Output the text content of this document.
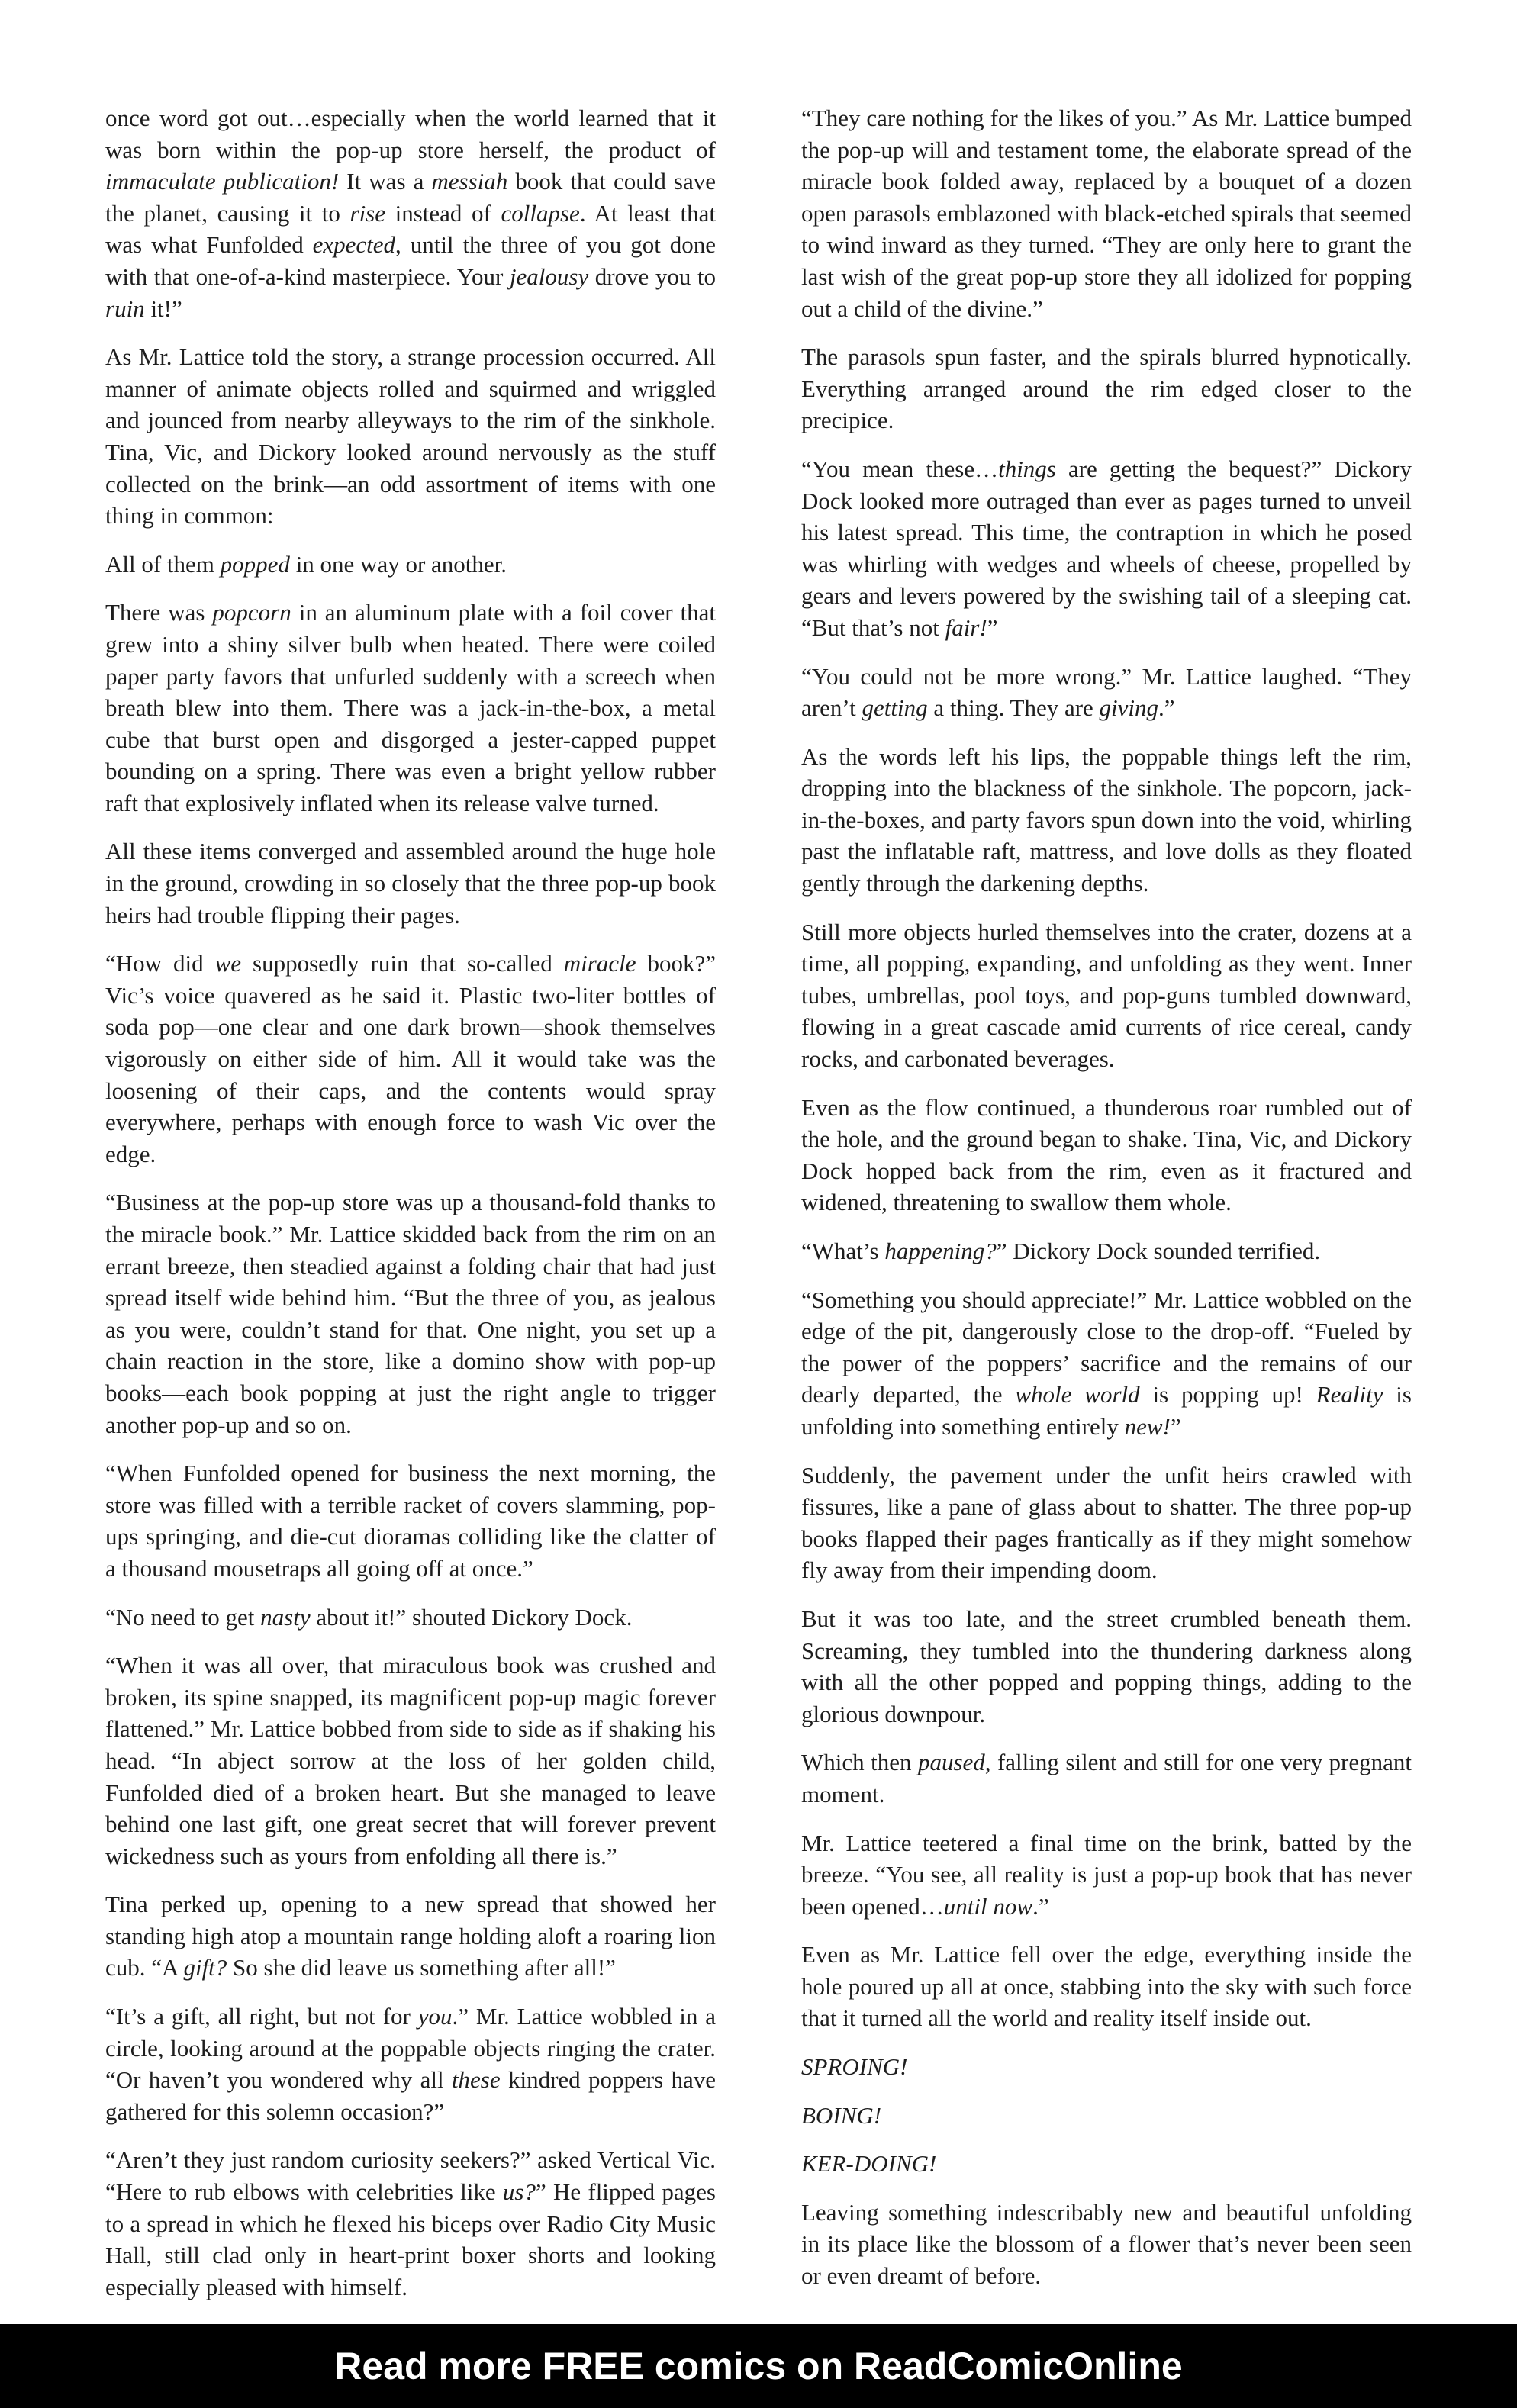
once word got out…especially when the world learned that it was born within the pop-up store herself, the product of immaculate publication! It was a messiah book that could save the planet, causing it to rise instead of collapse. At least that was what Funfolded expected, until the three of you got done with that one-of-a-kind masterpiece. Your jealousy drove you to ruin it!”

As Mr. Lattice told the story, a strange procession occurred. All manner of animate objects rolled and squirmed and wriggled and jounced from nearby alleyways to the rim of the sinkhole. Tina, Vic, and Dickory looked around nervously as the stuff collected on the brink—an odd assortment of items with one thing in common:

All of them popped in one way or another.

There was popcorn in an aluminum plate with a foil cover that grew into a shiny silver bulb when heated. There were coiled paper party favors that unfurled suddenly with a screech when breath blew into them. There was a jack-in-the-box, a metal cube that burst open and disgorged a jester-capped puppet bounding on a spring. There was even a bright yellow rubber raft that explosively inflated when its release valve turned.

All these items converged and assembled around the huge hole in the ground, crowding in so closely that the three pop-up book heirs had trouble flipping their pages.

“How did we supposedly ruin that so-called miracle book?” Vic’s voice quavered as he said it. Plastic two-liter bottles of soda pop—one clear and one dark brown—shook themselves vigorously on either side of him. All it would take was the loosening of their caps, and the contents would spray everywhere, perhaps with enough force to wash Vic over the edge.

“Business at the pop-up store was up a thousand-fold thanks to the miracle book.” Mr. Lattice skidded back from the rim on an errant breeze, then steadied against a folding chair that had just spread itself wide behind him. “But the three of you, as jealous as you were, couldn’t stand for that. One night, you set up a chain reaction in the store, like a domino show with pop-up books—each book popping at just the right angle to trigger another pop-up and so on.

“When Funfolded opened for business the next morning, the store was filled with a terrible racket of covers slamming, pop-ups springing, and die-cut dioramas colliding like the clatter of a thousand mousetraps all going off at once.”

“No need to get nasty about it!” shouted Dickory Dock.

“When it was all over, that miraculous book was crushed and broken, its spine snapped, its magnificent pop-up magic forever flattened.” Mr. Lattice bobbed from side to side as if shaking his head. “In abject sorrow at the loss of her golden child, Funfolded died of a broken heart. But she managed to leave behind one last gift, one great secret that will forever prevent wickedness such as yours from enfolding all there is.”

Tina perked up, opening to a new spread that showed her standing high atop a mountain range holding aloft a roaring lion cub. “A gift? So she did leave us something after all!”

“It’s a gift, all right, but not for you.” Mr. Lattice wobbled in a circle, looking around at the poppable objects ringing the crater. “Or haven’t you wondered why all these kindred poppers have gathered for this solemn occasion?”

“Aren’t they just random curiosity seekers?” asked Vertical Vic. “Here to rub elbows with celebrities like us?” He flipped pages to a spread in which he flexed his biceps over Radio City Music Hall, still clad only in heart-print boxer shorts and looking especially pleased with himself.

“They care nothing for the likes of you.” As Mr. Lattice bumped the pop-up will and testament tome, the elaborate spread of the miracle book folded away, replaced by a bouquet of a dozen open parasols emblazoned with black-etched spirals that seemed to wind inward as they turned. “They are only here to grant the last wish of the great pop-up store they all idolized for popping out a child of the divine.”

The parasols spun faster, and the spirals blurred hypnotically. Everything arranged around the rim edged closer to the precipice.

“You mean these…things are getting the bequest?” Dickory Dock looked more outraged than ever as pages turned to unveil his latest spread. This time, the contraption in which he posed was whirling with wedges and wheels of cheese, propelled by gears and levers powered by the swishing tail of a sleeping cat. “But that’s not fair!”

“You could not be more wrong.” Mr. Lattice laughed. “They aren’t getting a thing. They are giving.”

As the words left his lips, the poppable things left the rim, dropping into the blackness of the sinkhole. The popcorn, jack-in-the-boxes, and party favors spun down into the void, whirling past the inflatable raft, mattress, and love dolls as they floated gently through the darkening depths.

Still more objects hurled themselves into the crater, dozens at a time, all popping, expanding, and unfolding as they went. Inner tubes, umbrellas, pool toys, and pop-guns tumbled downward, flowing in a great cascade amid currents of rice cereal, candy rocks, and carbonated beverages.

Even as the flow continued, a thunderous roar rumbled out of the hole, and the ground began to shake. Tina, Vic, and Dickory Dock hopped back from the rim, even as it fractured and widened, threatening to swallow them whole.

“What’s happening?” Dickory Dock sounded terrified.

“Something you should appreciate!” Mr. Lattice wobbled on the edge of the pit, dangerously close to the drop-off. “Fueled by the power of the poppers’ sacrifice and the remains of our dearly departed, the whole world is popping up! Reality is unfolding into something entirely new!”

Suddenly, the pavement under the unfit heirs crawled with fissures, like a pane of glass about to shatter. The three pop-up books flapped their pages frantically as if they might somehow fly away from their impending doom.

But it was too late, and the street crumbled beneath them. Screaming, they tumbled into the thundering darkness along with all the other popped and popping things, adding to the glorious downpour.

Which then paused, falling silent and still for one very pregnant moment.

Mr. Lattice teetered a final time on the brink, batted by the breeze. “You see, all reality is just a pop-up book that has never been opened…until now.”

Even as Mr. Lattice fell over the edge, everything inside the hole poured up all at once, stabbing into the sky with such force that it turned all the world and reality itself inside out.

SPROING!

BOING!

KER-DOING!

Leaving something indescribably new and beautiful unfolding in its place like the blossom of a flower that’s never been seen or even dreamt of before.

Read more FREE comics on ReadComicOnline
